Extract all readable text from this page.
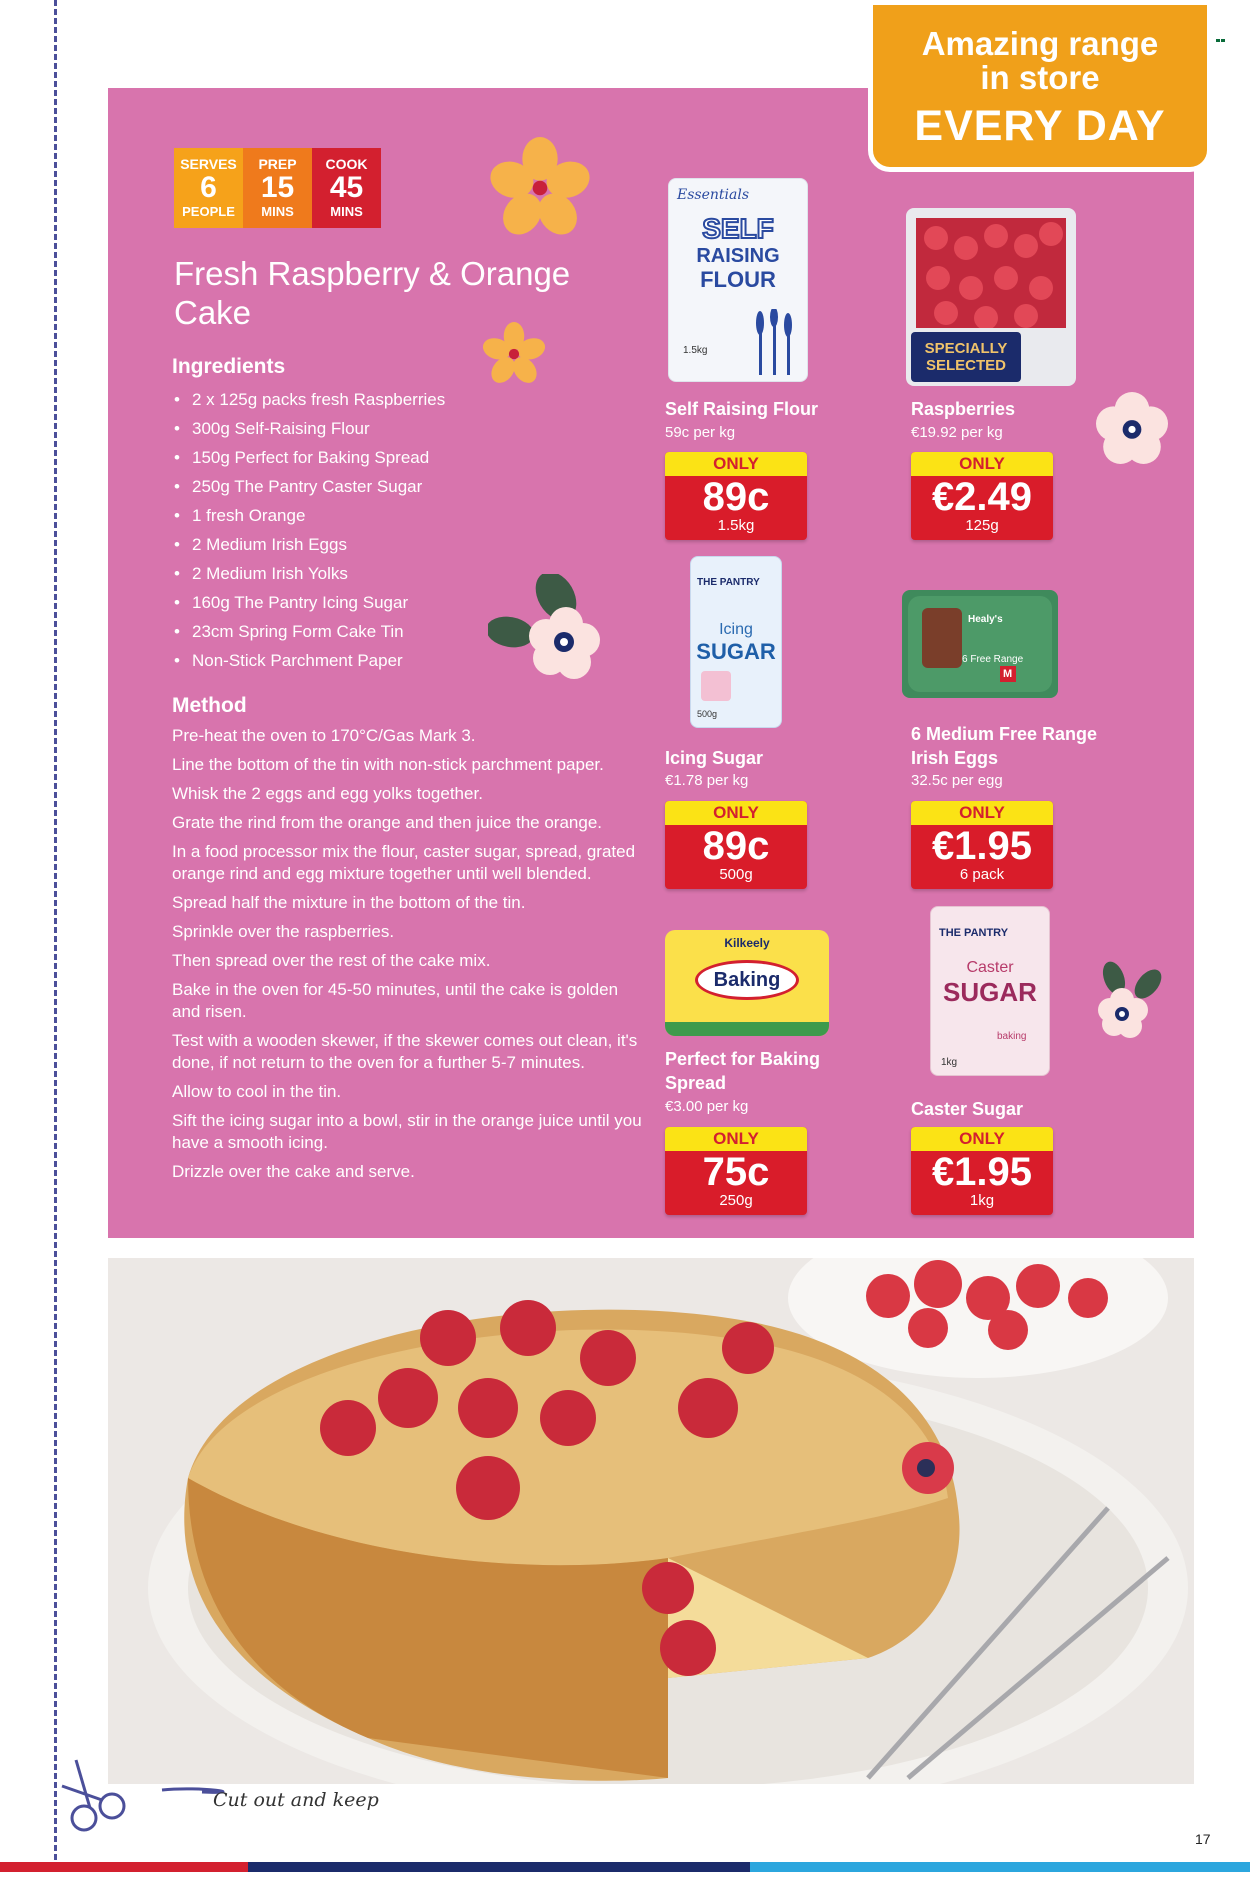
Amazing range
in store
EVERY DAY
SERVES
6
PEOPLE
PREP
15
MINS
COOK
45
MINS
Fresh Raspberry & Orange Cake
Ingredients
• 2 x 125g packs fresh Raspberries
• 300g Self-Raising Flour
• 150g Perfect for Baking Spread
• 250g The Pantry Caster Sugar
• 1 fresh Orange
• 2 Medium Irish Eggs
• 2 Medium Irish Yolks
• 160g The Pantry Icing Sugar
• 23cm Spring Form Cake Tin
• Non-Stick Parchment Paper
Method
Pre-heat the oven to 170°C/Gas Mark 3.
Line the bottom of the tin with non-stick parchment paper.
Whisk the 2 eggs and egg yolks together.
Grate the rind from the orange and then juice the orange.
In a food processor mix the flour, caster sugar, spread, grated orange rind and egg mixture together until well blended.
Spread half the mixture in the bottom of the tin.
Sprinkle over the raspberries.
Then spread over the rest of the cake mix.
Bake in the oven for 45-50 minutes, until the cake is golden and risen.
Test with a wooden skewer, if the skewer comes out clean, it's done, if not return to the oven for a further 5-7 minutes.
Allow to cool in the tin.
Sift the icing sugar into a bowl, stir in the orange juice until you have a smooth icing.
Drizzle over the cake and serve.
Essentials
SELF
RAISING
FLOUR
1.5kg
Self Raising Flour
59c per kg
ONLY
89c
1.5kg
SPECIALLY
SELECTED
Raspberries
€19.92 per kg
ONLY
€2.49
125g
THE PANTRY
Icing
SUGAR
500g
Icing Sugar
€1.78 per kg
ONLY
89c
500g
Healy's
6 Free Range
M
6 Medium Free Range Irish Eggs
32.5c per egg
ONLY
€1.95
6 pack
Kilkeely
Baking
Perfect for Baking Spread
€3.00 per kg
ONLY
75c
250g
THE PANTRY
Caster
SUGAR
baking
1kg
Caster Sugar
ONLY
€1.95
1kg
Cut out and keep
17
